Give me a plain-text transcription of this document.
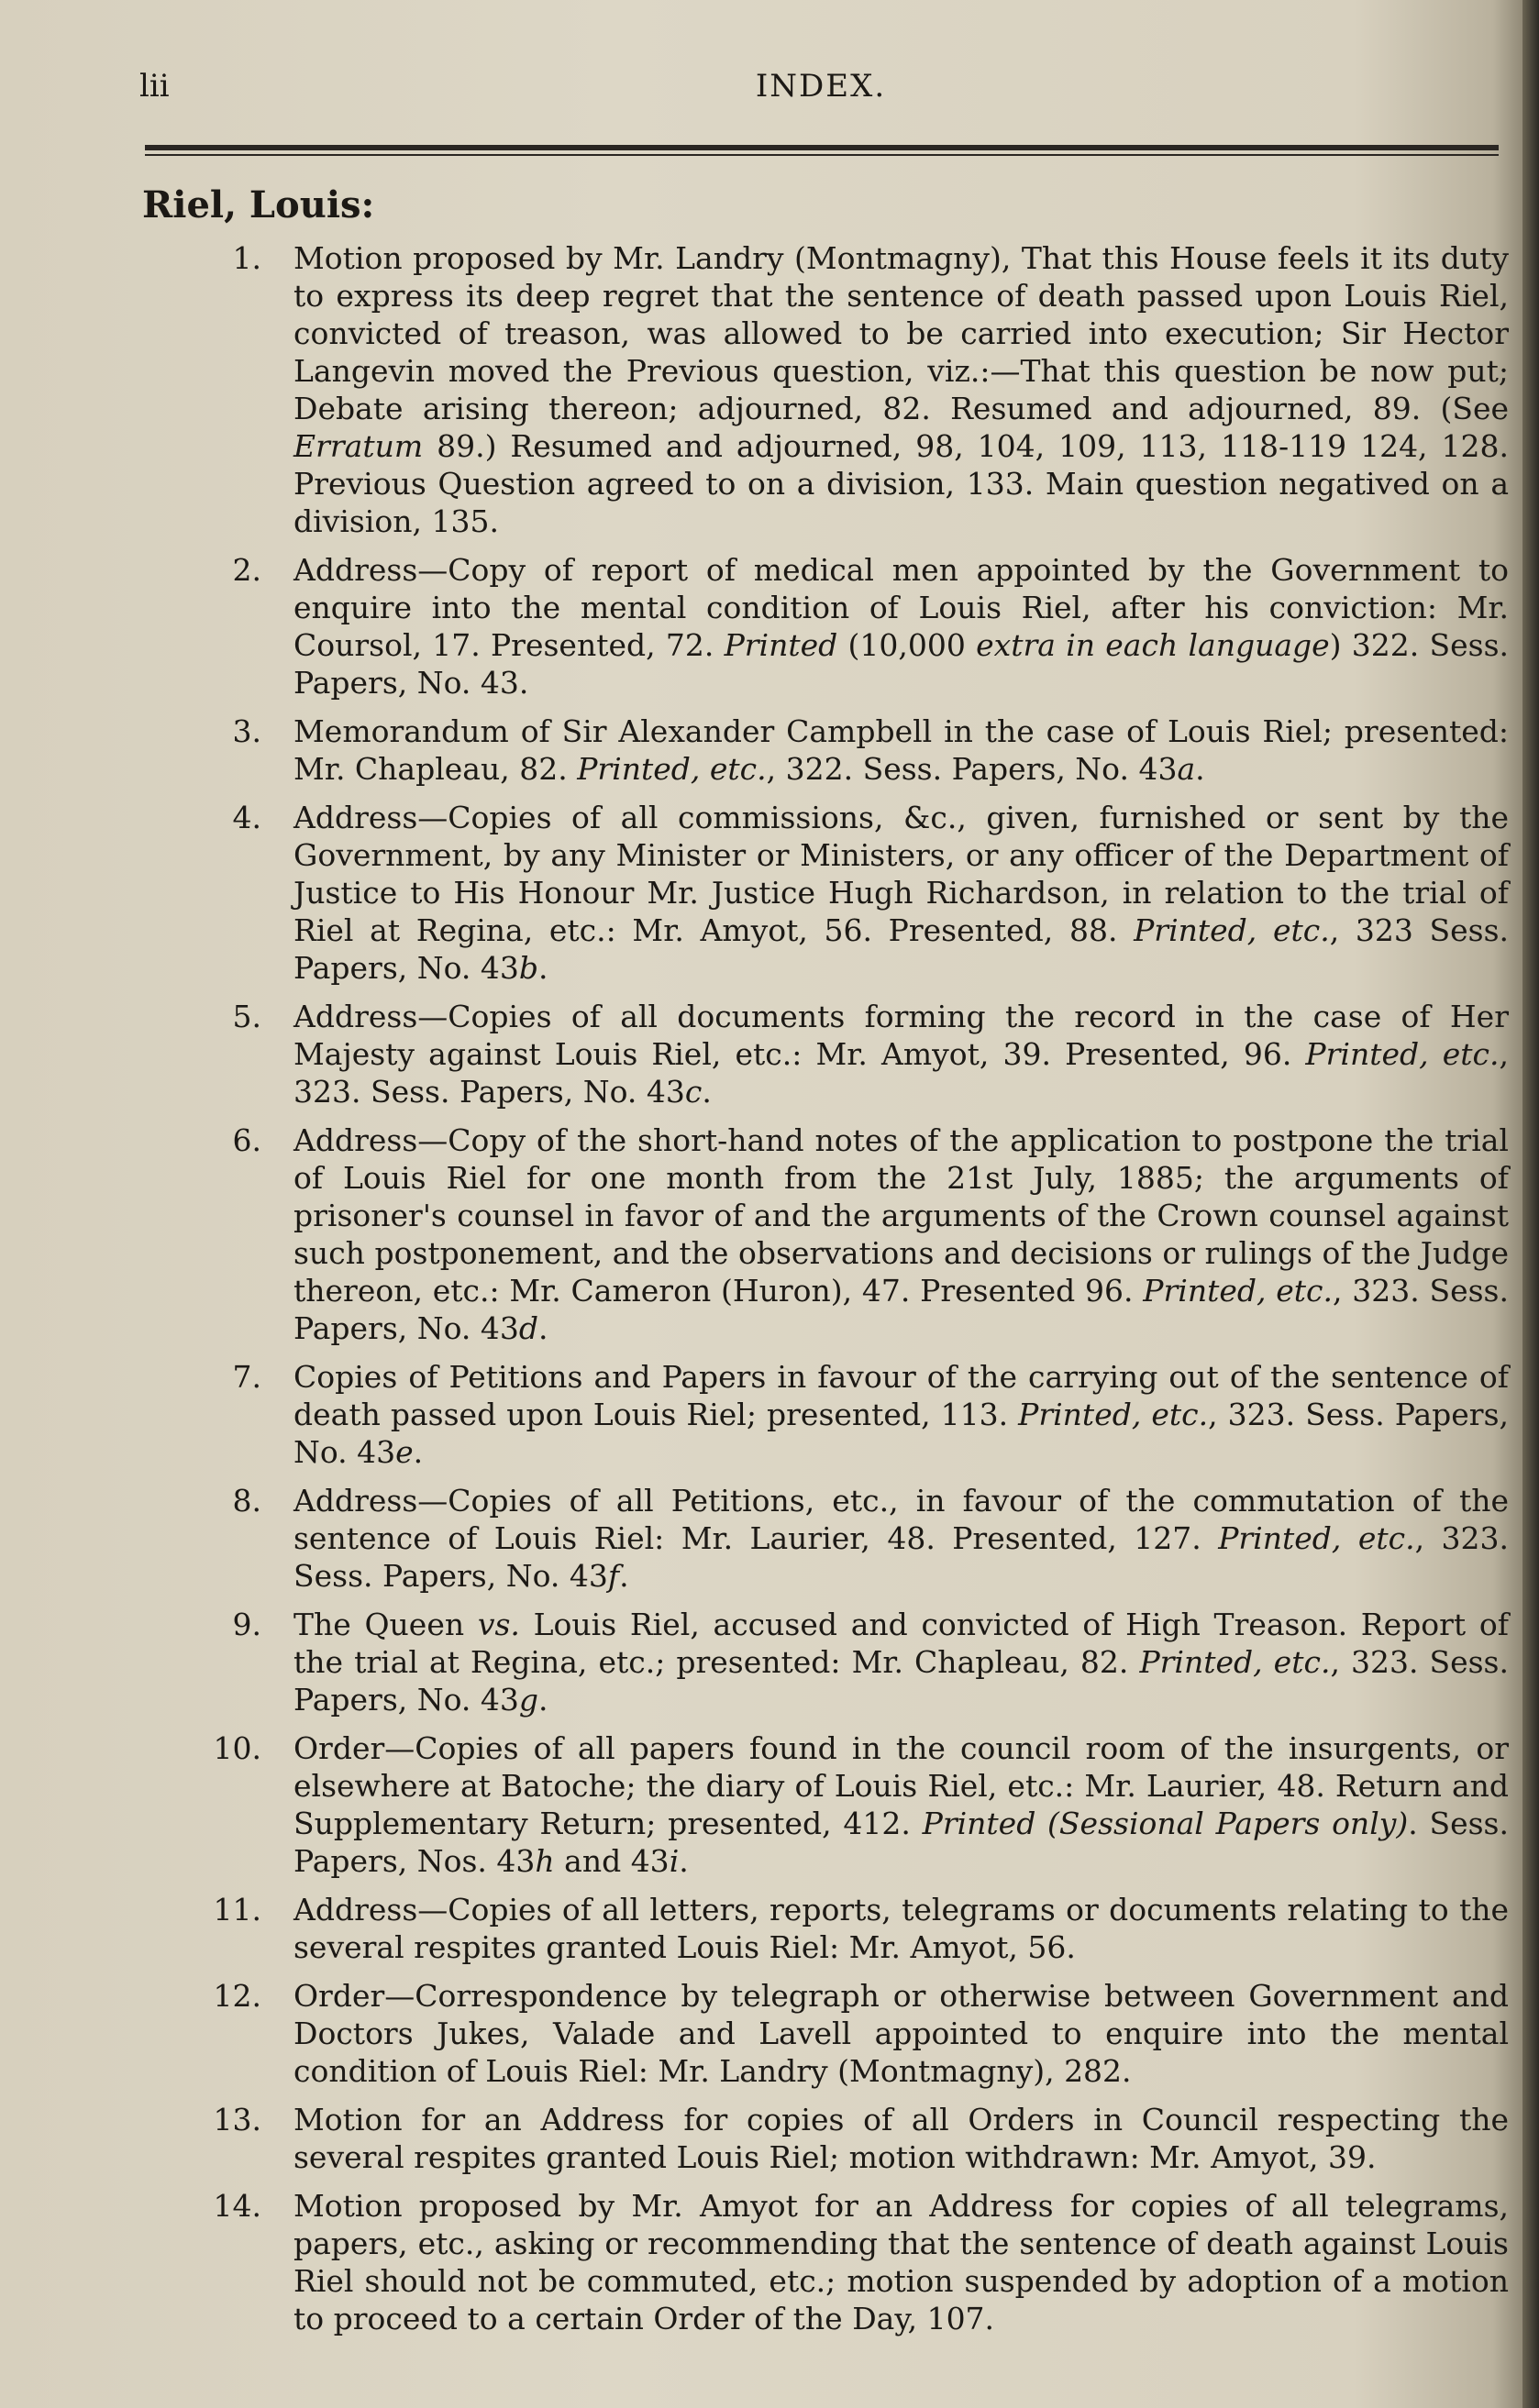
lii	INDEX.
Riel, Louis:
1. Motion proposed by Mr. Landry (Montmagny), That this House feels it its duty to express its deep regret that the sentence of death passed upon Louis Riel, convicted of treason, was allowed to be carried into execution; Sir Hector Langevin moved the Previous question, viz.:—That this question be now put; Debate arising thereon; adjourned, 82. Resumed and adjourned, 89. (See Erratum 89.) Resumed and adjourned, 98, 104, 109, 113, 118-119 124, 128. Previous Question agreed to on a division, 133. Main question negatived on a division, 135.
2. Address—Copy of report of medical men appointed by the Government to enquire into the mental condition of Louis Riel, after his conviction: Mr. Coursol, 17. Presented, 72. Printed (10,000 extra in each language) 322. Sess. Papers, No. 43.
3. Memorandum of Sir Alexander Campbell in the case of Louis Riel; presented: Mr. Chapleau, 82. Printed, etc., 322. Sess. Papers, No. 43a.
4. Address—Copies of all commissions, &c., given, furnished or sent by the Government, by any Minister or Ministers, or any officer of the Department of Justice to His Honour Mr. Justice Hugh Richardson, in relation to the trial of Riel at Regina, etc.: Mr. Amyot, 56. Presented, 88. Printed, etc., 323 Sess. Papers, No. 43b.
5. Address—Copies of all documents forming the record in the case of Her Majesty against Louis Riel, etc.: Mr. Amyot, 39. Presented, 96. Printed, etc., 323. Sess. Papers, No. 43c.
6. Address—Copy of the short-hand notes of the application to postpone the trial of Louis Riel for one month from the 21st July, 1885; the arguments of prisoner's counsel in favor of and the arguments of the Crown counsel against such postponement, and the observations and decisions or rulings of the Judge thereon, etc.: Mr. Cameron (Huron), 47. Presented 96. Printed, etc., 323. Sess. Papers, No. 43d.
7. Copies of Petitions and Papers in favour of the carrying out of the sentence of death passed upon Louis Riel; presented, 113. Printed, etc., 323. Sess. Papers, No. 43e.
8. Address—Copies of all Petitions, etc., in favour of the commutation of the sentence of Louis Riel: Mr. Laurier, 48. Presented, 127. Printed, etc., 323. Sess. Papers, No. 43f.
9. The Queen vs. Louis Riel, accused and convicted of High Treason. Report of the trial at Regina, etc.; presented: Mr. Chapleau, 82. Printed, etc., 323. Sess. Papers, No. 43g.
10. Order—Copies of all papers found in the council room of the insurgents, or elsewhere at Batoche; the diary of Louis Riel, etc.: Mr. Laurier, 48. Return and Supplementary Return; presented, 412. Printed (Sessional Papers only). Sess. Papers, Nos. 43h and 43i.
11. Address—Copies of all letters, reports, telegrams or documents relating to the several respites granted Louis Riel: Mr. Amyot, 56.
12. Order—Correspondence by telegraph or otherwise between Government and Doctors Jukes, Valade and Lavell appointed to enquire into the mental condition of Louis Riel: Mr. Landry (Montmagny), 282.
13. Motion for an Address for copies of all Orders in Council respecting the several respites granted Louis Riel; motion withdrawn: Mr. Amyot, 39.
14. Motion proposed by Mr. Amyot for an Address for copies of all telegrams, papers, etc., asking or recommending that the sentence of death against Louis Riel should not be commuted, etc.; motion suspended by adoption of a motion to proceed to a certain Order of the Day, 107.
